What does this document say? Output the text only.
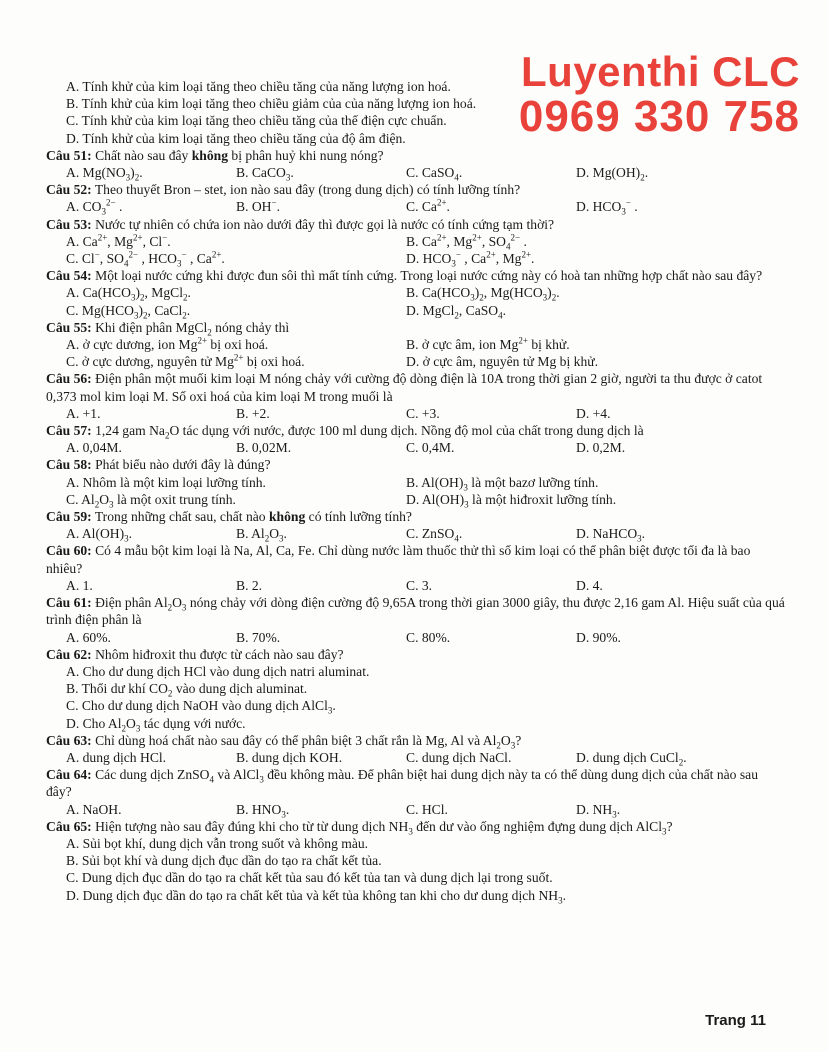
Luyenthi CLC
0969 330 758
A. Tính khử của kim loại tăng theo chiều tăng của năng lượng ion hoá.
B. Tính khử của kim loại tăng theo chiều giảm của của năng lượng ion hoá.
C. Tính khử của kim loại tăng theo chiều tăng của thế điện cực chuẩn.
D. Tính khử của kim loại tăng theo chiều tăng của độ âm điện.
Câu 51: Chất nào sau đây không bị phân huỷ khi nung nóng?
A. $Mg(NO_3)_2$.	B. CaCO$_3$.	C. CaSO$_4$.	D. $Mg(OH)_2$.
Câu 52: Theo thuyết Bron – stet, ion nào sau đây (trong dung dịch) có tính lưỡng tính?
A. $CO_3^{2-}$ .	B. OH−.	C. $Ca^{2+}$.	D. $HCO_3^-$ .
Câu 53: Nước tự nhiên có chứa ion nào dưới đây thì được gọi là nước có tính cứng tạm thời?
A. $Ca^{2+}$, $Mg^{2+}$, Cl−.	B. $Ca^{2+}$, $Mg^{2+}$, $SO_4^{2-}$ .
C. Cl−, $SO_4^{2-}$ , $HCO_3^-$ , $Ca^{2+}$.	D. $HCO_3^-$ , $Ca^{2+}$, $Mg^{2+}$.
Câu 54: Một loại nước cứng khi được đun sôi thì mất tính cứng. Trong loại nước cứng này có hoà tan những hợp chất nào sau đây?
A. $Ca(HCO_3)_2$, MgCl$_2$.	B. $Ca(HCO_3)_2$, $Mg(HCO_3)_2$.
C. $Mg(HCO_3)_2$, CaCl$_2$.	D. MgCl$_2$, CaSO$_4$.
Câu 55: Khi điện phân MgCl$_2$ nóng chảy thì
A. ở cực dương, ion $Mg^{2+}$ bị oxi hoá.	B. ở cực âm, ion $Mg^{2+}$ bị khử.
C. ở cực dương, nguyên tử $Mg^{2+}$ bị oxi hoá.	D. ở cực âm, nguyên tử Mg bị khử.
Câu 56: Điện phân một muối kim loại M nóng chảy với cường độ dòng điện là 10A trong thời gian 2 giờ, người ta thu được ở catot 0,373 mol kim loại M. Số oxi hoá của kim loại M trong muối là
A. +1.	B. +2.	C. +3.	D. +4.
Câu 57: 1,24 gam $Na_2O$ tác dụng với nước, được 100 ml dung dịch. Nồng độ mol của chất trong dung dịch là
A. 0,04M.	B. 0,02M.	C. 0,4M.	D. 0,2M.
Câu 58: Phát biểu nào dưới đây là đúng?
A. Nhôm là một kim loại lưỡng tính.	B. $Al(OH)_3$ là một bazơ lưỡng tính.
C. $Al_2O_3$ là một oxit trung tính.	D. $Al(OH)_3$ là một hiđroxit lưỡng tính.
Câu 59: Trong những chất sau, chất nào không có tính lưỡng tính?
A. $Al(OH)_3$.	B. $Al_2O_3$.	C. ZnSO$_4$.	D. NaHCO$_3$.
Câu 60: Có 4 mẫu bột kim loại là Na, Al, Ca, Fe. Chỉ dùng nước làm thuốc thử thì số kim loại có thể phân biệt được tối đa là bao nhiêu?
A. 1.	B. 2.	C. 3.	D. 4.
Câu 61: Điện phân $Al_2O_3$ nóng chảy với dòng điện cường độ 9,65A trong thời gian 3000 giây, thu được 2,16 gam Al. Hiệu suất của quá trình điện phân là
A. 60%.	B. 70%.	C. 80%.	D. 90%.
Câu 62: Nhôm hiđroxit thu được từ cách nào sau đây?
A. Cho dư dung dịch HCl vào dung dịch natri aluminat.
B. Thổi dư khí $CO_2$ vào dung dịch aluminat.
C. Cho dư dung dịch NaOH vào dung dịch AlCl$_3$.
D. Cho $Al_2O_3$ tác dụng với nước.
Câu 63: Chỉ dùng hoá chất nào sau đây có thể phân biệt 3 chất rắn là Mg, Al và $Al_2O_3$?
A. dung dịch HCl.	B. dung dịch KOH.	C. dung dịch NaCl.	D. dung dịch CuCl$_2$.
Câu 64: Các dung dịch ZnSO$_4$ và AlCl$_3$ đều không màu. Để phân biệt hai dung dịch này ta có thể dùng dung dịch của chất nào sau đây?
A. NaOH.	B. $HNO_3$.	C. HCl.	D. $NH_3$.
Câu 65: Hiện tượng nào sau đây đúng khi cho từ từ dung dịch $NH_3$ đến dư vào ống nghiệm đựng dung dịch AlCl$_3$?
A. Sủi bọt khí, dung dịch vẫn trong suốt và không màu.
B. Sủi bọt khí và dung dịch đục dần do tạo ra chất kết tủa.
C. Dung dịch đục dần do tạo ra chất kết tủa sau đó kết tủa tan và dung dịch lại trong suốt.
D. Dung dịch đục dần do tạo ra chất kết tủa và kết tủa không tan khi cho dư dung dịch $NH_3$.
Trang 11
